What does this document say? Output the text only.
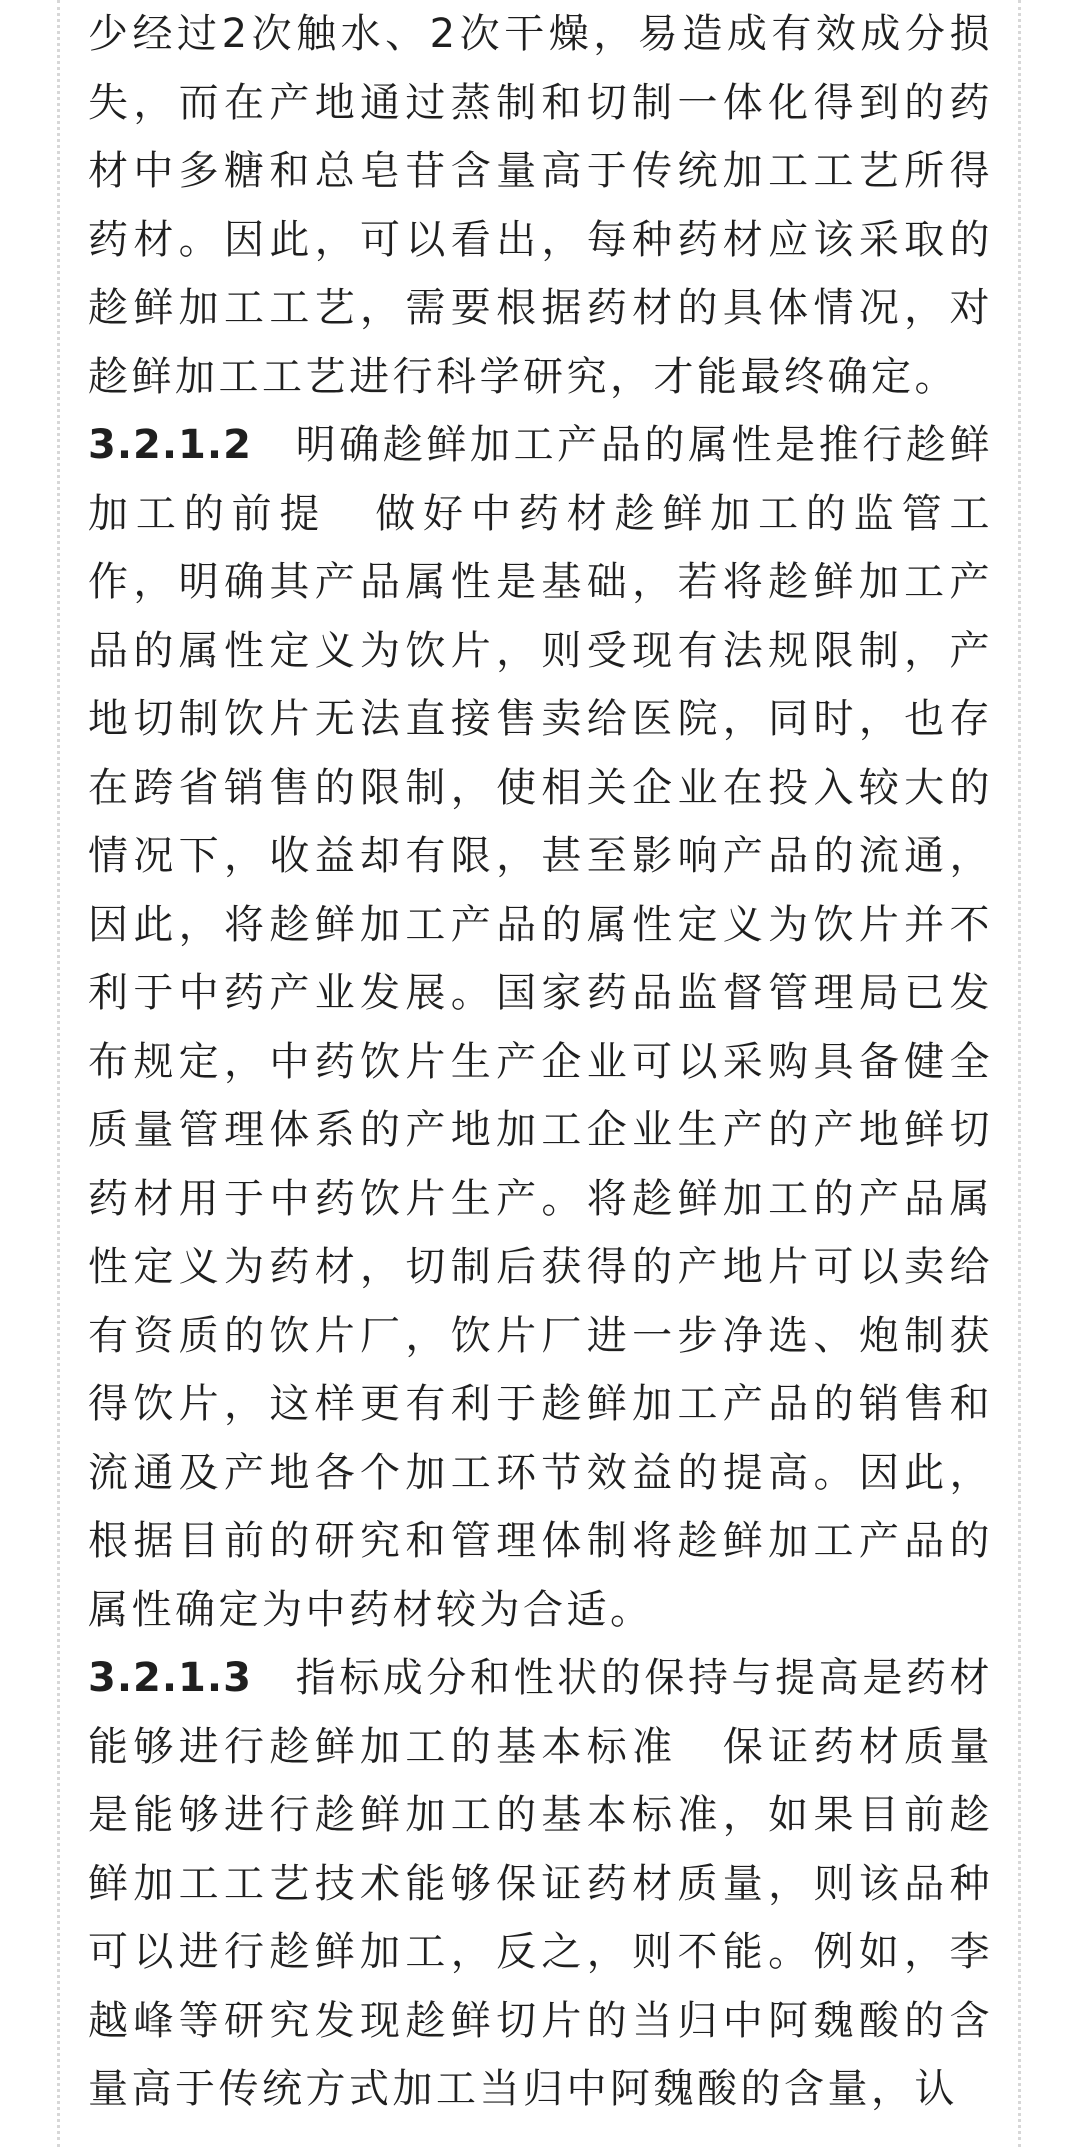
少经过2次触水、2次干燥，易造成有效成分损失，而在产地通过蒸制和切制一体化得到的药材中多糖和总皂苷含量高于传统加工工艺所得药材。因此，可以看出，每种药材应该采取的趁鲜加工工艺，需要根据药材的具体情况，对趁鲜加工工艺进行科学研究，才能最终确定。

3.2.1.2　 明确趁鲜加工产品的属性是推行趁鲜加工的前提　 做好中药材趁鲜加工的监管工作，明确其产品属性是基础，若将趁鲜加工产品的属性定义为饮片，则受现有法规限制，产地切制饮片无法直接售卖给医院，同时，也存在跨省销售的限制，使相关企业在投入较大的情况下，收益却有限，甚至影响产品的流通，因此，将趁鲜加工产品的属性定义为饮片并不利于中药产业发展。国家药品监督管理局已发布规定，中药饮片生产企业可以采购具备健全质量管理体系的产地加工企业生产的产地鲜切药材用于中药饮片生产。将趁鲜加工的产品属性定义为药材，切制后获得的产地片可以卖给有资质的饮片厂，饮片厂进一步净选、炮制获得饮片，这样更有利于趁鲜加工产品的销售和流通及产地各个加工环节效益的提高。因此，根据目前的研究和管理体制将趁鲜加工产品的属性确定为中药材较为合适。

3.2.1.3　 指标成分和性状的保持与提高是药材能够进行趁鲜加工的基本标准　 保证药材质量是能够进行趁鲜加工的基本标准，如果目前趁鲜加工工艺技术能够保证药材质量，则该品种可以进行趁鲜加工，反之，则不能。例如，李越峰等研究发现趁鲜切片的当归中阿魏酸的含量高于传统方式加工当归中阿魏酸的含量，认
